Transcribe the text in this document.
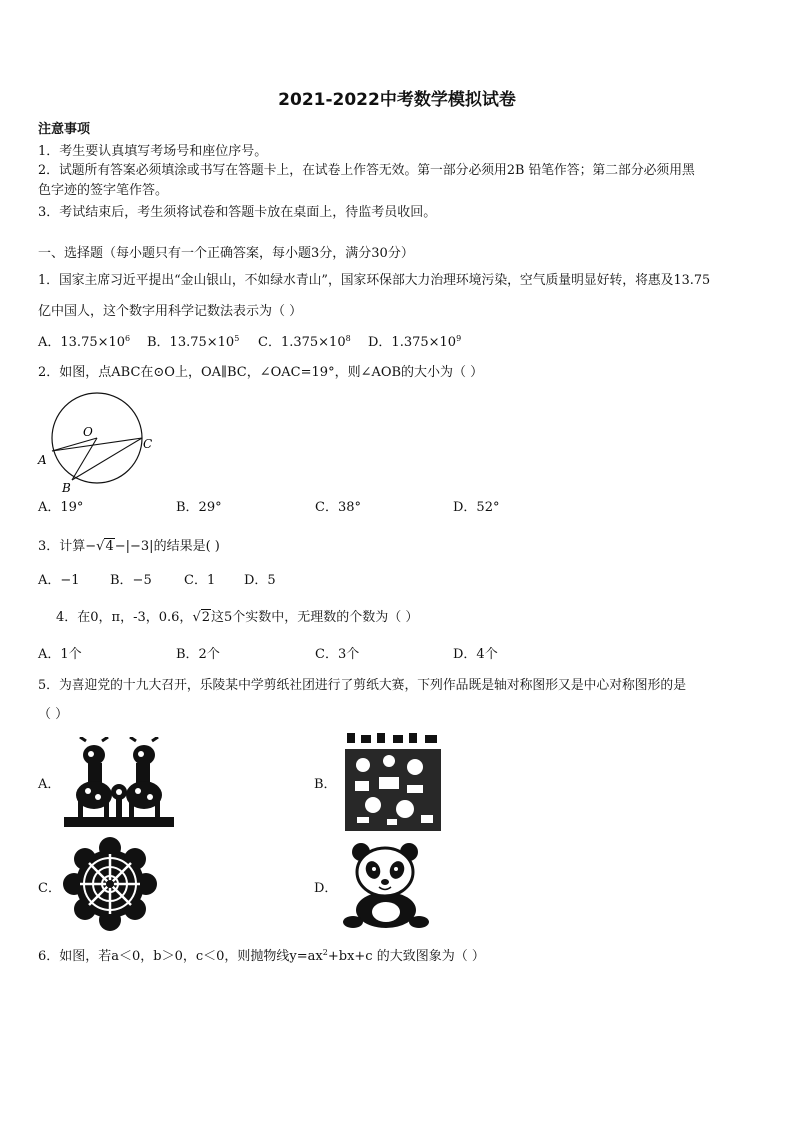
2021-2022中考数学模拟试卷
注意事项
1．考生要认真填写考场号和座位序号。
2．试题所有答案必须填涂或书写在答题卡上，在试卷上作答无效。第一部分必须用2B 铅笔作答；第二部分必须用黑
色字迹的签字笔作答。
3．考试结束后，考生须将试卷和答题卡放在桌面上，待监考员收回。
一、选择题（每小题只有一个正确答案，每小题3分，满分30分）
1．国家主席习近平提出“金山银山，不如绿水青山”，国家环保部大力治理环境污染，空气质量明显好转，将惠及13.75
亿中国人，这个数字用科学记数法表示为（ ）
A．$13.75\times 10^6$ B．$13.75\times 10^5$ C．$1.375\times 10^8$ D．$1.375\times 10^9$
2．如图，点ABC在⊙O上，OA∥BC，∠OAC=19°，则∠AOB的大小为（ ）
O
A
B
C
A．19°	B．29°	C．38°	D．52°
3．计算−√4−|−3|的结果是( )
A．−1 B．−5 C．1 D．5
4．在0，π，-3，0.6，√2这5个实数中，无理数的个数为（ ）
A．1个	B．2个	C．3个	D．4个
5．为喜迎党的十九大召开，乐陵某中学剪纸社团进行了剪纸大赛，下列作品既是轴对称图形又是中心对称图形的是
（ ）
A．	B．
C．	D．
6．如图，若a＜0，b＞0，c＜0，则抛物线$y=ax^2+bx+c$ 的大致图象为（ ）
